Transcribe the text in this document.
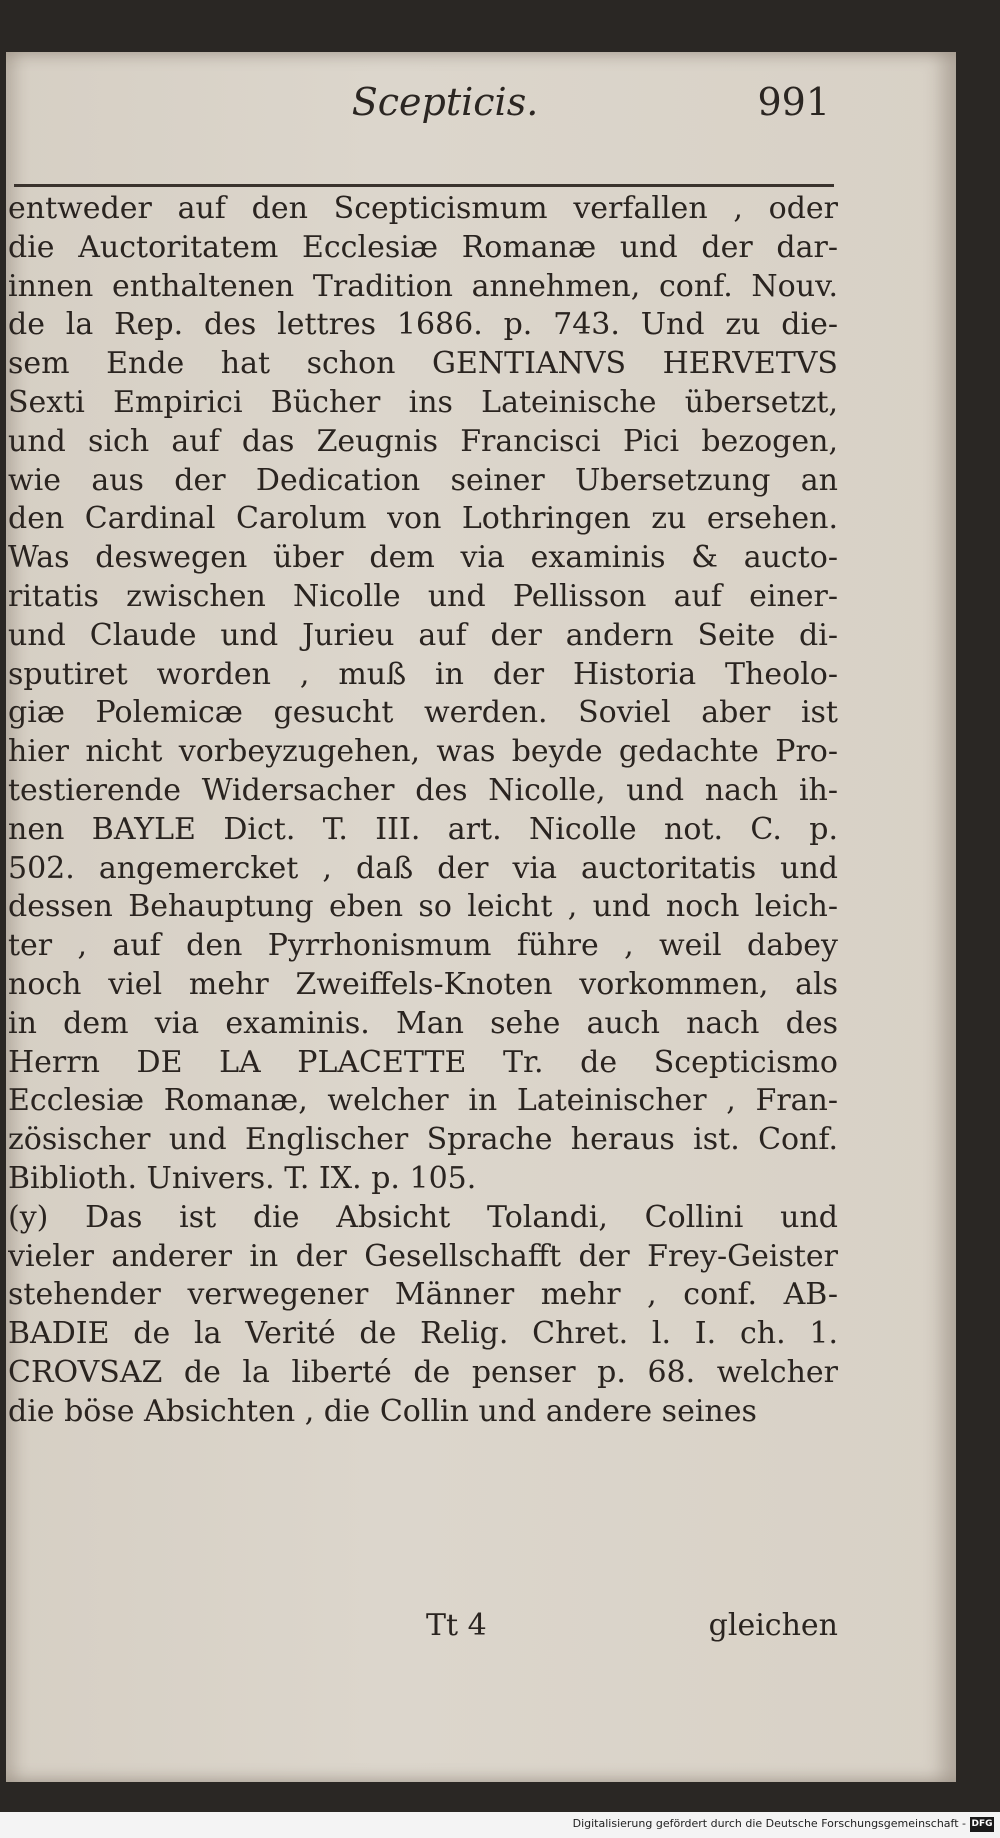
Scepticis.	991
entweder auf den Scepticismum verfallen , oder
die Auctoritatem Ecclesiæ Romanæ und der dar-
innen enthaltenen Tradition annehmen, conf. Nouv.
de la Rep. des lettres 1686. p. 743. Und zu die-
sem Ende hat schon GENTIANVS HERVETVS
Sexti Empirici Bücher ins Lateinische übersetzt,
und sich auf das Zeugnis Francisci Pici bezogen,
wie aus der Dedication seiner Ubersetzung an
den Cardinal Carolum von Lothringen zu ersehen.
Was deswegen über dem via examinis & aucto-
ritatis zwischen Nicolle und Pellisson auf einer-
und Claude und Jurieu auf der andern Seite di-
sputiret worden , muß in der Historia Theolo-
giæ Polemicæ gesucht werden. Soviel aber ist
hier nicht vorbeyzugehen, was beyde gedachte Pro-
testierende Widersacher des Nicolle, und nach ih-
nen BAYLE Dict. T. III. art. Nicolle not. C. p.
502. angemercket , daß der via auctoritatis und
dessen Behauptung eben so leicht , und noch leich-
ter , auf den Pyrrhonismum führe , weil dabey
noch viel mehr Zweiffels-Knoten vorkommen, als
in dem via examinis. Man sehe auch nach des
Herrn DE LA PLACETTE Tr. de Scepticismo
Ecclesiæ Romanæ, welcher in Lateinischer , Fran-
zösischer und Englischer Sprache heraus ist. Conf.
Biblioth. Univers. T. IX. p. 105.
(y) Das ist die Absicht Tolandi, Collini und
vieler anderer in der Gesellschafft der Frey-Geister
stehender verwegener Männer mehr , conf. AB-
BADIE de la Verité de Relig. Chret. l. I. ch. 1.
CROVSAZ de la liberté de penser p. 68. welcher
die böse Absichten , die Collin und andere seines
Tt 4	gleichen
Digitalisierung gefördert durch die Deutsche Forschungsgemeinschaft - DFG
